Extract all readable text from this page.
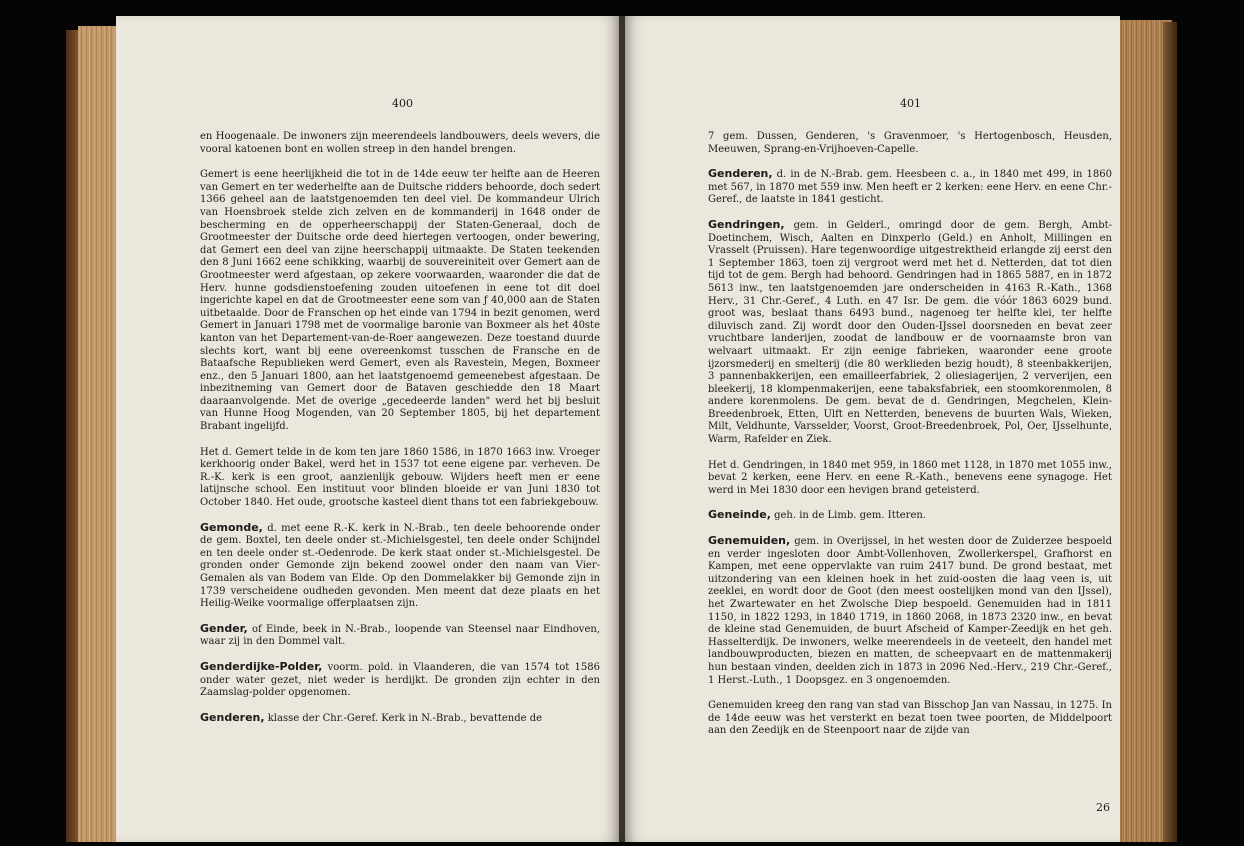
400

en Hoogenaale. De inwoners zijn meerendeels landbouwers, deels wevers, die vooral katoenen bont en wollen streep in den handel brengen.

Gemert is eene heerlijkheid die tot in de 14de eeuw ter helfte aan de Heeren van Gemert en ter wederhelfte aan de Duitsche ridders behoorde, doch sedert 1366 geheel aan de laatstgenoemden ten deel viel. De kommandeur Ulrich van Hoensbroek stelde zich zelven en de kommanderij in 1648 onder de bescherming en de opperheerschappij der Staten-Generaal, doch de Grootmeester der Duitsche orde deed hiertegen vertoogen, onder bewering, dat Gemert een deel van zijne heerschappij uitmaakte. De Staten teekenden den 8 Juni 1662 eene schikking, waarbij de souvereiniteit over Gemert aan de Grootmeester werd afgestaan, op zekere voorwaarden, waaronder die dat de Herv. hunne godsdienstoefening zouden uitoefenen in eene tot dit doel ingerichte kapel en dat de Grootmeester eene som van ƒ 40,000 aan de Staten uitbetaalde. Door de Franschen op het einde van 1794 in bezit genomen, werd Gemert in Januari 1798 met de voormalige baronie van Boxmeer als het 40ste kanton van het Departement-van-de-Roer aangewezen. Deze toestand duurde slechts kort, want bij eene overeenkomst tusschen de Fransche en de Bataafsche Republieken werd Gemert, even als Ravestein, Megen, Boxmeer enz., den 5 Januari 1800, aan het laatstgenoemd gemeenebest afgestaan. De inbezitneming van Gemert door de Bataven geschiedde den 18 Maart daaraanvolgende. Met de overige „gecedeerde landen" werd het bij besluit van Hunne Hoog Mogenden, van 20 September 1805, bij het departement Brabant ingelijfd.

Het d. Gemert telde in de kom ten jare 1860 1586, in 1870 1663 inw. Vroeger kerkhoorig onder Bakel, werd het in 1537 tot eene eigene par. verheven. De R.-K. kerk is een groot, aanzienlijk gebouw. Wijders heeft men er eene latijnsche school. Een instituut voor blinden bloeide er van Juni 1830 tot October 1840. Het oude, grootsche kasteel dient thans tot een fabriekgebouw.

Gemonde, d. met eene R.-K. kerk in N.-Brab., ten deele behoorende onder de gem. Boxtel, ten deele onder st.-Michielsgestel, ten deele onder Schijndel en ten deele onder st.-Oedenrode. De kerk staat onder st.-Michielsgestel. De gronden onder Gemonde zijn bekend zoowel onder den naam van Vier-Gemalen als van Bodem van Elde. Op den Dommelakker bij Gemonde zijn in 1739 verscheidene oudheden gevonden. Men meent dat deze plaats en het Heilig-Weike voormalige offerplaatsen zijn.

Gender, of Einde, beek in N.-Brab., loopende van Steensel naar Eindhoven, waar zij in den Dommel valt.

Genderdijke-Polder, voorm. pold. in Vlaanderen, die van 1574 tot 1586 onder water gezet, niet weder is herdijkt. De gronden zijn echter in den Zaamslag-polder opgenomen.

Genderen, klasse der Chr.-Geref. Kerk in N.-Brab., bevattende de

401

7 gem. Dussen, Genderen, 's Gravenmoer, 's Hertogenbosch, Heusden, Meeuwen, Sprang-en-Vrijhoeven-Capelle.

Genderen, d. in de N.-Brab. gem. Heesbeen c. a., in 1840 met 499, in 1860 met 567, in 1870 met 559 inw. Men heeft er 2 kerken: eene Herv. en eene Chr.-Geref., de laatste in 1841 gesticht.

Gendringen, gem. in Gelderl., omringd door de gem. Bergh, Ambt-Doetinchem, Wisch, Aalten en Dinxperlo (Geld.) en Anholt, Millingen en Vrasselt (Pruissen). Hare tegenwoordige uitgestrektheid erlangde zij eerst den 1 September 1863, toen zij vergroot werd met het d. Netterden, dat tot dien tijd tot de gem. Bergh had behoord. Gendringen had in 1865 5887, en in 1872 5613 inw., ten laatstgenoemden jare onderscheiden in 4163 R.-Kath., 1368 Herv., 31 Chr.-Geref., 4 Luth. en 47 Isr. De gem. die vóór 1863 6029 bund. groot was, beslaat thans 6493 bund., nagenoeg ter helfte klei, ter helfte diluvisch zand. Zij wordt door den Ouden-IJssel doorsneden en bevat zeer vruchtbare landerijen, zoodat de landbouw er de voornaamste bron van welvaart uitmaakt. Er zijn eenige fabrieken, waaronder eene groote ijzorsmederij en smelterij (die 80 werklieden bezig houdt), 8 steenbakkerijen, 3 pannenbakkerijen, een emailleerfabriek, 2 oliesiagerijen, 2 ververijen, een bleekerij, 18 klompenmakerijen, eene tabaksfabriek, een stoomkorenmolen, 8 andere korenmolens. De gem. bevat de d. Gendringen, Megchelen, Klein-Breedenbroek, Etten, Ulft en Netterden, benevens de buurten Wals, Wieken, Milt, Veldhunte, Varsselder, Voorst, Groot-Breedenbroek, Pol, Oer, IJsselhunte, Warm, Rafelder en Ziek.

Het d. Gendringen, in 1840 met 959, in 1860 met 1128, in 1870 met 1055 inw., bevat 2 kerken, eene Herv. en eene R.-Kath., benevens eene synagoge. Het werd in Mei 1830 door een hevigen brand geteisterd.

Geneinde, geh. in de Limb. gem. Itteren.

Genemuiden, gem. in Overijssel, in het westen door de Zuiderzee bespoeld en verder ingesloten door Ambt-Vollenhoven, Zwollerkerspel, Grafhorst en Kampen, met eene oppervlakte van ruim 2417 bund. De grond bestaat, met uitzondering van een kleinen hoek in het zuid-oosten die laag veen is, uit zeeklei, en wordt door de Goot (den meest oostelijken mond van den IJssel), het Zwartewater en het Zwolsche Diep bespoeld. Genemuiden had in 1811 1150, in 1822 1293, in 1840 1719, in 1860 2068, in 1873 2320 inw., en bevat de kleine stad Genemuiden, de buurt Afscheid of Kamper-Zeedijk en het geh. Hasselterdijk. De inwoners, welke meerendeels in de veeteelt, den handel met landbouwproducten, biezen en matten, de scheepvaart en de mattenmakerij hun bestaan vinden, deelden zich in 1873 in 2096 Ned.-Herv., 219 Chr.-Geref., 1 Herst.-Luth., 1 Doopsgez. en 3 ongenoemden.

Genemuiden kreeg den rang van stad van Bisschop Jan van Nassau, in 1275. In de 14de eeuw was het versterkt en bezat toen twee poorten, de Middelpoort aan den Zeedijk en de Steenpoort naar de zijde van

26
